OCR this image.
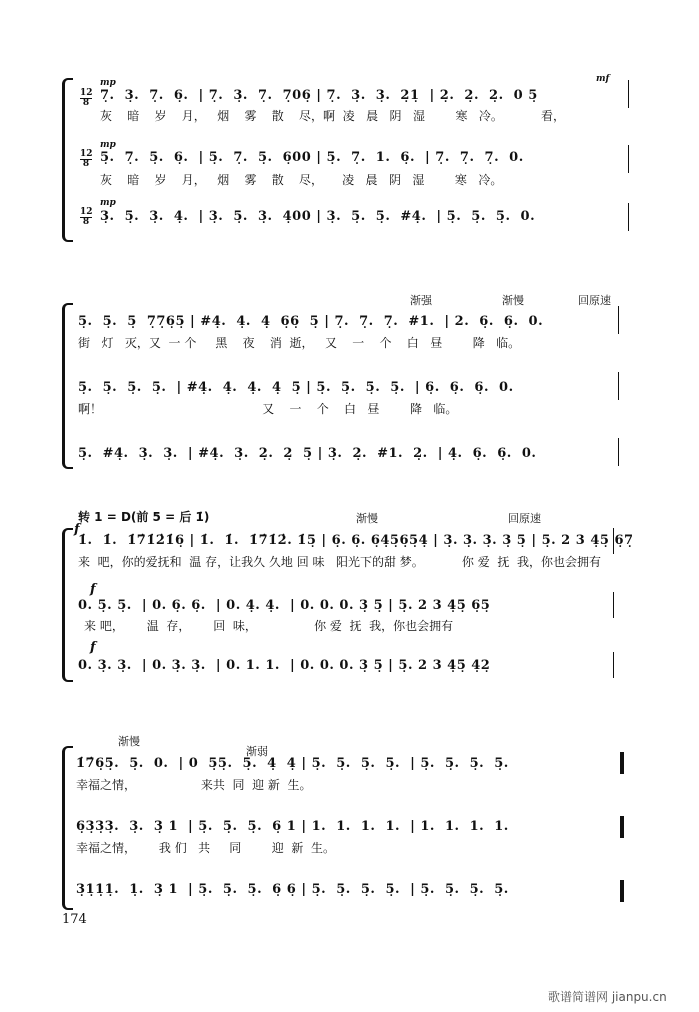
mp	mf
12
8 7̣.  3̣.  7̣.  6̣.  | 7̣.  3̣.  7̣.  7̣06̣ | 7̣.  3̣.  3̣.  2̣1̣  | 2̣.  2̣.  2̣.  0 5̣
灰    暗    岁    月，   烟    雾    散    尽，啊  凌   晨   阴   湿        寒   冷。          看，
mp
12
8 5̣.  7̣.  5̣.  6̣.  | 5̣.  7̣.  5̣.  6̣00 | 5̣.  7̣.  1.  6̣.  | 7̣.  7̣.  7̣.  0.
灰    暗    岁    月，   烟    雾    散    尽，     凌   晨   阴   湿        寒   冷。
mp
12
8 3̣.  5̣.  3̣.  4̣.  | 3̣.  5̣.  3̣.  4̣00 | 3̣.  5̣.  5̣.  #4̣.  | 5̣.  5̣.  5̣.  0.
渐强	渐慢	回原速
5̣.  5̣.  5̣  7̣7̣6̣5̣ | #4̣.  4̣.  4̣  6̣6̣  5̣ | 7̣.  7̣.  7̣.  #1.  | 2.  6̣.  6̣.  0.
街   灯   灭，又  一 个     黑    夜    消  逝，   又    一    个    白   昼        降   临。
5̣.  5̣.  5̣.  5̣.  | #4̣.  4̣.  4̣.  4̣  5̣ | 5̣.  5̣.  5̣.  5̣.  | 6̣.  6̣.  6̣.  0.
啊！                                          又    一    个    白   昼        降   临。
5̣.  #4̣.  3̣.  3̣.  | #4̣.  3̣.  2̣.  2̣  5̣ | 3̣.  2̣.  #1.  2̣.  | 4̣.  6̣.  6̣.  0.
转 1 = D(前 5 = 后 1̇)	渐慢	回原速
f
1̇.  1̇.  1̇7̇1̇2̇1̇6̣ | 1̇.  1̇.  1̇7̇1̇2̇. 1̇5̣ | 6̣. 6̣. 6̣4̣5̣6̣5̣4̣ | 3̣. 3̣. 3̣. 3̣ 5̣ | 5̣. 2 3 4̣5̣ 6̣7̣
来  吧，你的爱抚和  温 存，让我久 久地 回 味   阳光下的甜 梦。          你 爱  抚  我，你也会拥有
f
0. 5̣. 5̣.  | 0. 6̣. 6̣.  | 0. 4̣. 4̣.  | 0. 0. 0. 3̣ 5̣ | 5̣. 2 3 4̣5̣ 6̣5̣
来 吧，      温  存，      回  味，               你 爱  抚  我，你也会拥有
f
0. 3̣. 3̣.  | 0. 3̣. 3̣.  | 0. 1. 1.  | 0. 0. 0. 3̣ 5̣ | 5̣. 2 3 4̣5̣ 4̣2̣
渐慢
渐弱
1̇7̇6̣5̣.  5̣.  0.  | 0  5̣5̣.  5̣.  4̣  4̣ | 5̣.  5̣.  5̣.  5̣.  | 5̣.  5̣.  5̣.  5̣.
幸福之情，                 来共  同  迎 新  生。
6̣3̣3̣3̣.  3̣.  3̣ 1  | 5̣.  5̣.  5̣.  6̣ 1 | 1.  1.  1.  1.  | 1.  1.  1.  1.
幸福之情，      我 们   共     同        迎  新  生。
3̣1̣1̣1̣.  1̣.  3̣ 1  | 5̣.  5̣.  5̣.  6̣ 6̣ | 5̣.  5̣.  5̣.  5̣.  | 5̣.  5̣.  5̣.  5̣.
174
歌谱简谱网 jianpu.cn
